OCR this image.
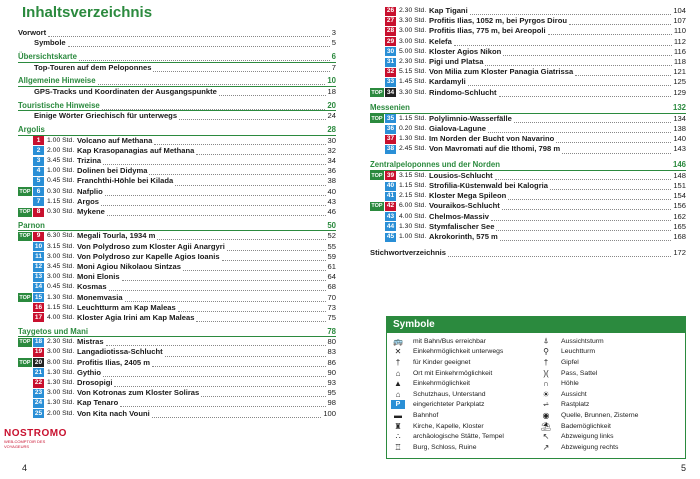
Inhaltsverzeichnis
Vorwort	3
Symbole	5
Übersichtskarte	6
Top-Touren auf dem Peloponnes	7
Allgemeine Hinweise	10
GPS-Tracks und Koordinaten der Ausgangspunkte	18
Touristische Hinweise	20
Einige Wörter Griechisch für unterwegs	24
Argolis	28
1 1.00 Std. Volcano auf Methana	30
2 2.00 Std. Kap Krasopanagias auf Methana	32
3 3.45 Std. Trizina	34
4 1.00 Std. Dolinen bei Didyma	36
5 0.45 Std. Franchthi-Höhle bei Kilada	38
TOP 6 0.30 Std. Nafplio	40
7 1.15 Std. Argos	43
TOP 8 0.30 Std. Mykene	46
Parnon	50
TOP 9 6.30 Std. Megali Tourla, 1934 m	52
10 3.15 Std. Von Polydroso zum Kloster Agii Anargyri	55
11 3.00 Std. Von Polydroso zur Kapelle Agios Ioanis	59
12 3.45 Std. Moni Agiou Nikolaou Sintzas	61
13 3.00 Std. Moni Elonis	64
14 0.45 Std. Kosmas	68
TOP 15 1.30 Std. Monemvasia	70
16 1.15 Std. Leuchtturm am Kap Maleas	73
17 4.00 Std. Kloster Agia Irini am Kap Maleas	75
Taygetos und Mani	78
TOP 18 2.30 Std. Mistras	80
19 3.00 Std. Langadiotissa-Schlucht	83
TOP 20 8.00 Std. Profitis Ilias, 2405 m	86
21 1.30 Std. Gythio	90
22 1.30 Std. Drosopigi	93
23 3.00 Std. Von Kotronas zum Kloster Soliras	95
24 1.30 Std. Kap Tenaro	98
25 2.00 Std. Von Kita nach Vouni	100
NOSTROMO
WEB-COMPTOIR DES VOYAGEURS
4
26 2.30 Std. Kap Tigani	104
27 3.30 Std. Profitis Ilias, 1052 m, bei Pyrgos Dirou	107
28 3.00 Std. Profitis Ilias, 775 m, bei Areopoli	110
29 3.00 Std. Kelefa	112
30 5.00 Std. Kloster Agios Nikon	116
31 2.30 Std. Pigi und Platsa	118
32 5.15 Std. Von Milia zum Kloster Panagia Giatrissa	121
33 1.45 Std. Kardamyli	125
TOP 34 3.30 Std. Rindomo-Schlucht	129
Messenien	132
TOP 35 1.15 Std. Polylimnio-Wasserfälle	134
36 0.20 Std. Gialova-Lagune	138
37 1.30 Std. Im Norden der Bucht von Navarino	140
38 2.45 Std. Von Mavromati auf die Ithomi, 798 m	143
Zentralpeloponnes und der Norden	146
TOP 39 3.15 Std. Lousios-Schlucht	148
40 1.15 Std. Strofilia-Küstenwald bei Kalogria	151
41 2.15 Std. Kloster Mega Spileon	154
TOP 42 6.00 Std. Vouraikos-Schlucht	156
43 4.00 Std. Chelmos-Massiv	162
44 1.30 Std. Stymfalischer See	165
45 1.00 Std. Akrokorinth, 575 m	168
Stichwortverzeichnis	172
5
Symbole
🚌 mit Bahn/Bus erreichbar	⍋	Aussichtsturm
✕	Einkehrmöglichkeit unterwegs	⚲	Leuchtturm
†	für Kinder geeignet	†	Gipfel
⌂	Ort mit Einkehrmöglichkeit	)(	Pass, Sattel
▲	Einkehrmöglichkeit	∩	Höhle
⌂	Schutzhaus, Unterstand	☀	Aussicht
P	eingerichteter Parkplatz	⩫	Rastplatz
▬	Bahnhof	◉	Quelle, Brunnen, Zisterne
♜	Kirche, Kapelle, Kloster	⛱ Bademöglichkeit
∴	archäologische Stätte, Tempel	↖	Abzweigung links
♖	Burg, Schloss, Ruine	↗	Abzweigung rechts
